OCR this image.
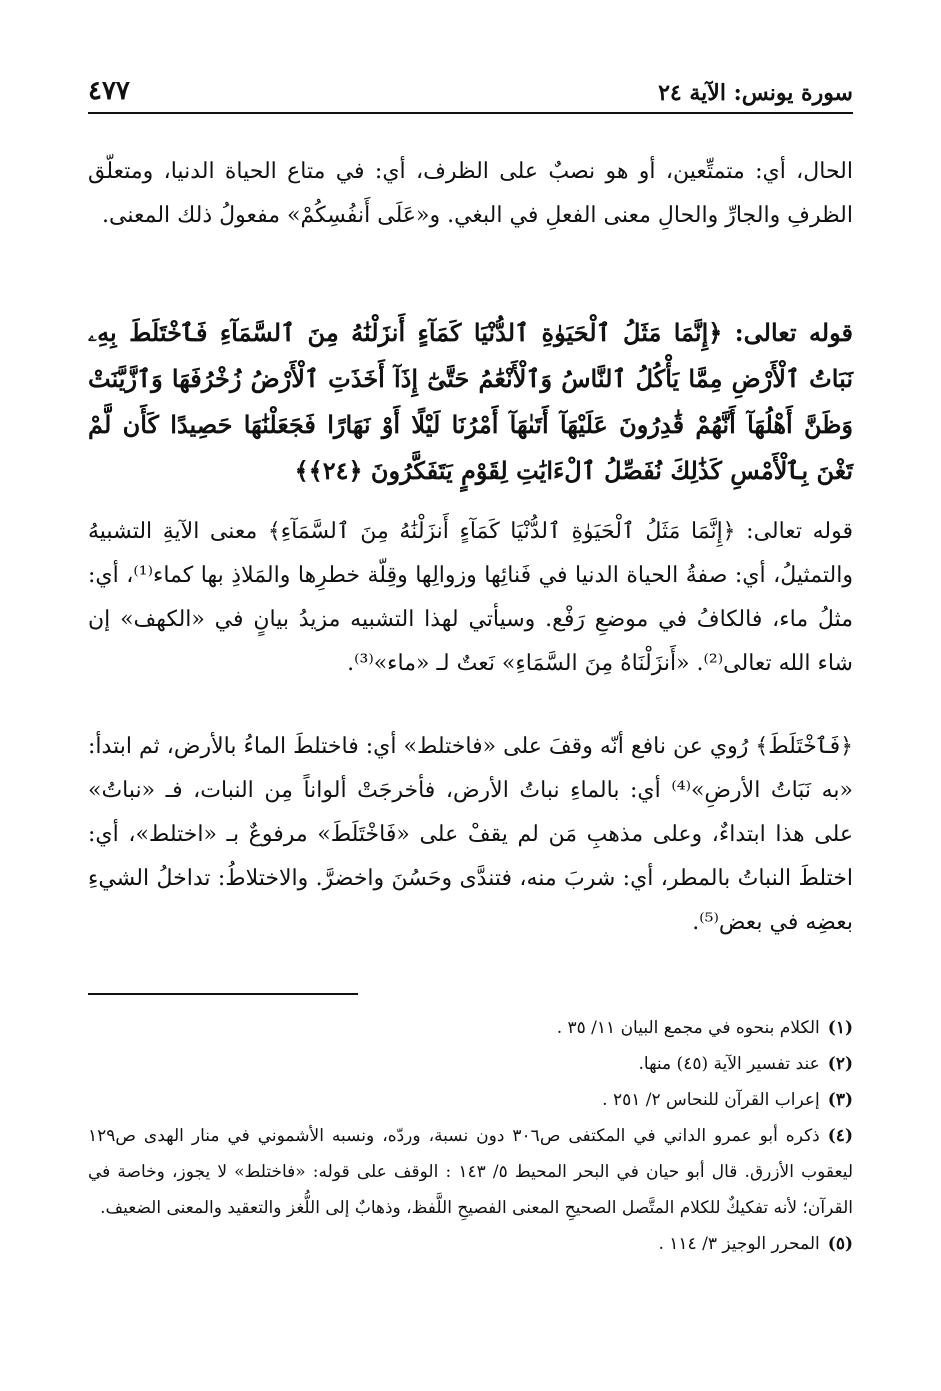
سورة يونس: الآية ٢٤
٤٧٧

الحال، أي: متمتِّعين، أو هو نصبٌ على الظرف، أي: في متاع الحياة الدنيا، ومتعلّق الظرفِ والجارِّ والحالِ معنى الفعلِ في البغي. و«عَلَى أَنفُسِكُمْ» مفعولُ ذلك المعنى.

قوله تعالى: ﴿إِنَّمَا مَثَلُ ٱلْحَيَوٰةِ ٱلدُّنْيَا كَمَآءٍ أَنزَلْنَٰهُ مِنَ ٱلسَّمَآءِ فَٱخْتَلَطَ بِهِۦ نَبَاتُ ٱلْأَرْضِ مِمَّا يَأْكُلُ ٱلنَّاسُ وَٱلْأَنْعَٰمُ حَتَّىٰٓ إِذَآ أَخَذَتِ ٱلْأَرْضُ زُخْرُفَهَا وَٱزَّيَّنَتْ وَظَنَّ أَهْلُهَآ أَنَّهُمْ قَٰدِرُونَ عَلَيْهَآ أَتَىٰهَآ أَمْرُنَا لَيْلًا أَوْ نَهَارًا فَجَعَلْنَٰهَا حَصِيدًا كَأَن لَّمْ تَغْنَ بِٱلْأَمْسِ كَذَٰلِكَ نُفَصِّلُ ٱلْءَايَٰتِ لِقَوْمٍ يَتَفَكَّرُونَ ﴿٢٤﴾﴾

قوله تعالى: ﴿إِنَّمَا مَثَلُ ٱلْحَيَوٰةِ ٱلدُّنْيَا كَمَآءٍ أَنزَلْنَٰهُ مِنَ ٱلسَّمَآءِ﴾ معنى الآيةِ التشبيهُ والتمثيلُ، أي: صفةُ الحياة الدنيا في فَنائِها وزوالِها وقِلّة خطرِها والمَلاذِ بها كماء⁽¹⁾، أي: مثلُ ماء، فالكافُ في موضعِ رَفْع. وسيأتي لهذا التشبيه مزيدُ بيانٍ في «الكهف» إن شاء الله تعالى⁽²⁾. «أَنزَلْنَاهُ مِنَ السَّمَاءِ» نَعتٌ لـ «ماء»⁽³⁾.

﴿فَٱخْتَلَطَ﴾ رُوي عن نافع أنّه وقفَ على «فاختلط» أي: فاختلطَ الماءُ بالأرض، ثم ابتدأ: «به نَبَاتُ الأرضِ»⁽⁴⁾ أي: بالماءِ نباتُ الأرض، فأخرجَتْ ألواناً مِن النبات، فـ «نباتُ» على هذا ابتداءٌ، وعلى مذهبِ مَن لم يقفْ على «فَاخْتَلَطَ» مرفوعٌ بـ «اختلط»، أي: اختلطَ النباتُ بالمطر، أي: شربَ منه، فتندَّى وحَسُنَ واخضرَّ. والاختلاطُ: تداخلُ الشيءِ بعضِه في بعض⁽⁵⁾.

(١)الكلام بنحوه في مجمع البيان ١١/ ٣٥ .
(٢)عند تفسير الآية (٤٥) منها.
(٣)إعراب القرآن للنحاس ٢/ ٢٥١ .
(٤)ذكره أبو عمرو الداني في المكتفى ص٣٠٦ دون نسبة، وردّه، ونسبه الأشموني في منار الهدى ص١٢٩ ليعقوب الأزرق. قال أبو حيان في البحر المحيط ٥/ ١٤٣ : الوقف على قوله: «فاختلط» لا يجوز، وخاصة في القرآن؛ لأنه تفكيكٌ للكلام المتَّصل الصحيحِ المعنى الفصيحِ اللَّفظ، وذهابٌ إلى اللُّغز والتعقيد والمعنى الضعيف.
(٥)المحرر الوجيز ٣/ ١١٤ .
